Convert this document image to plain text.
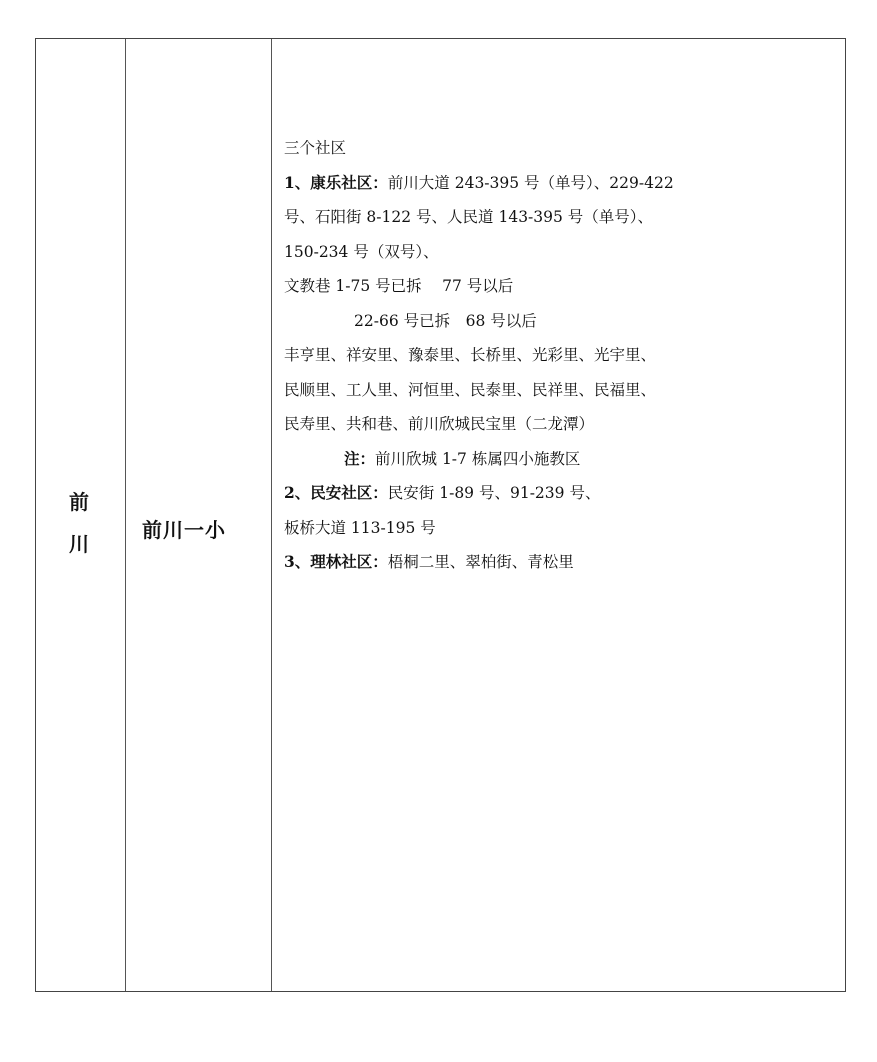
前
川
前川一小
三个社区
1、康乐社区：前川大道 243-395 号（单号）、229-422
号、石阳街 8-122 号、人民道 143-395 号（单号）、
150-234 号（双号）、
文教巷 1-75 号已拆　 77 号以后
22-66 号已拆　68 号以后
丰亨里、祥安里、豫泰里、长桥里、光彩里、光宇里、
民顺里、工人里、河恒里、民泰里、民祥里、民福里、
民寿里、共和巷、前川欣城民宝里（二龙潭）
注：前川欣城 1-7 栋属四小施教区
2、民安社区：民安街 1-89 号、91-239 号、
板桥大道 113-195 号
3、理林社区：梧桐二里、翠柏街、青松里
